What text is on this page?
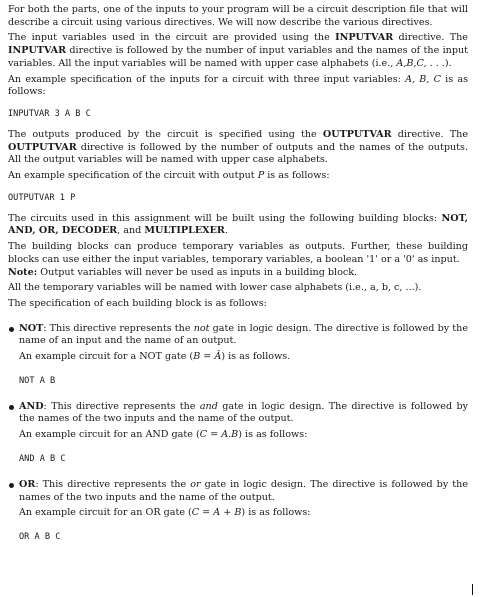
For both the parts, one of the inputs to your program will be a circuit description file that will describe a circuit using various directives. We will now describe the various directives.

The input variables used in the circuit are provided using the INPUTVAR directive. The INPUTVAR directive is followed by the number of input variables and the names of the input variables. All the input variables will be named with upper case alphabets (i.e., A,B,C, . . .).

An example specification of the inputs for a circuit with three input variables: A, B, C is as follows:

INPUTVAR 3 A B C

The outputs produced by the circuit is specified using the OUTPUTVAR directive. The OUTPUTVAR directive is followed by the number of outputs and the names of the outputs. All the output variables will be named with upper case alphabets.

An example specification of the circuit with output P is as follows:

OUTPUTVAR 1 P

The circuits used in this assignment will be built using the following building blocks: NOT, AND, OR, DECODER, and MULTIPLEXER.

The building blocks can produce temporary variables as outputs. Further, these building blocks can use either the input variables, temporary variables, a boolean '1' or a '0' as input.
Note: Output variables will never be used as inputs in a building block.

All the temporary variables will be named with lower case alphabets (i.e., a, b, c, ...).

The specification of each building block is as follows:

NOT: This directive represents the not gate in logic design. The directive is followed by the name of an input and the name of an output.

An example circuit for a NOT gate (B = Ā) is as follows.

NOT A B

AND: This directive represents the and gate in logic design. The directive is followed by the names of the two inputs and the name of the output.

An example circuit for an AND gate (C = A.B) is as follows:

AND A B C

OR: This directive represents the or gate in logic design. The directive is followed by the names of the two inputs and the name of the output.

An example circuit for an OR gate (C = A + B) is as follows:

OR A B C
